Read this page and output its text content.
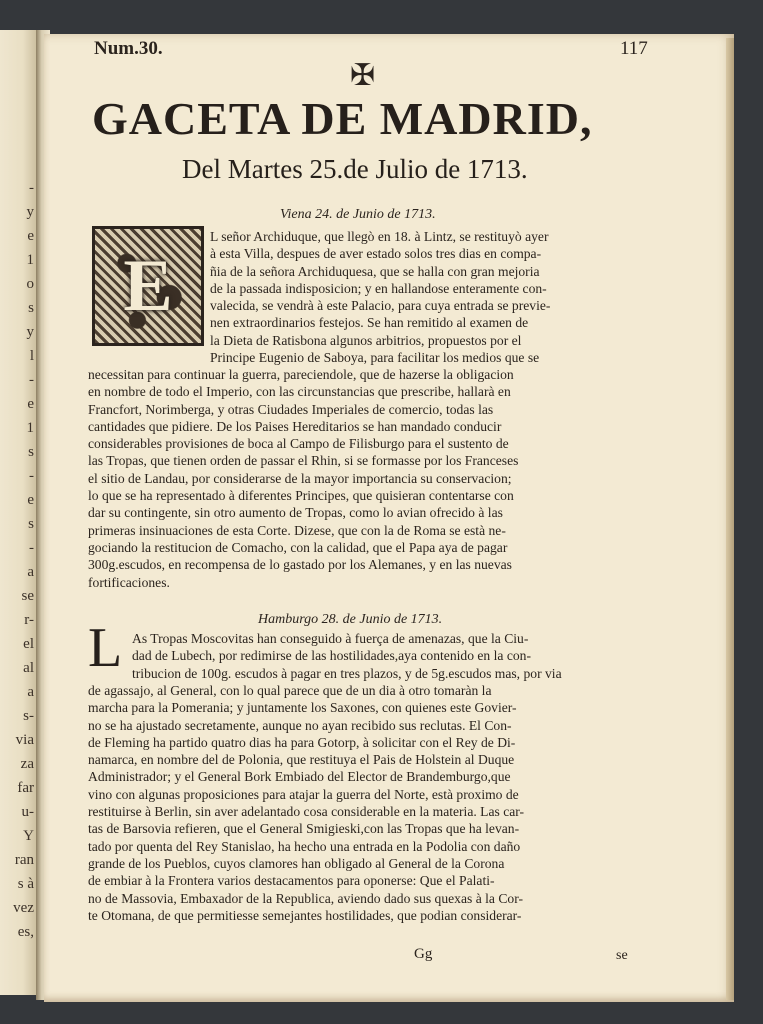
-
y
e
1
o
s
y
l
-
e
1
s
-
e
s
-
a
se
r-
el
al
a
s-
via
za
far
u-
Y
ran
s à
vez
es,
Num.30.	117
✠
GACETA DE MADRID,
Del Martes 25.de Julio de 1713.
Viena 24. de Junio de 1713.
E
L señor Archiduque, que llegò en 18. à Lintz, se restituyò ayer
à esta Villa, despues de aver estado solos tres dias en compa-
ñia de la señora Archiduquesa, que se halla con gran mejoria
de la passada indisposicion; y en hallandose enteramente con-
valecida, se vendrà à este Palacio, para cuya entrada se previe-
nen extraordinarios festejos. Se han remitido al examen de
la Dieta de Ratisbona algunos arbitrios, propuestos por el
Principe Eugenio de Saboya, para facilitar los medios que se
necessitan para continuar la guerra, pareciendole, que de hazerse la obligacion
en nombre de todo el Imperio, con las circunstancias que prescribe, hallarà en
Francfort, Norimberga, y otras Ciudades Imperiales de comercio, todas las
cantidades que pidiere. De los Paises Hereditarios se han mandado conducir
considerables provisiones de boca al Campo de Filisburgo para el sustento de
las Tropas, que tienen orden de passar el Rhin, si se formasse por los Franceses
el sitio de Landau, por considerarse de la mayor importancia su conservacion;
lo que se ha representado à diferentes Principes, que quisieran contentarse con
dar su contingente, sin otro aumento de Tropas, como lo avian ofrecido à las
primeras insinuaciones de esta Corte. Dizese, que con la de Roma se està ne-
gociando la restitucion de Comacho, con la calidad, que el Papa aya de pagar
300g.escudos, en recompensa de lo gastado por los Alemanes, y en las nuevas
fortificaciones.
Hamburgo 28. de Junio de 1713.
L As Tropas Moscovitas han conseguido à fuerça de amenazas, que la Ciu-
dad de Lubech, por redimirse de las hostilidades,aya contenido en la con-
tribucion de 100g. escudos à pagar en tres plazos, y de 5g.escudos mas, por via
de agassajo, al General, con lo qual parece que de un dia à otro tomaràn la
marcha para la Pomerania; y juntamente los Saxones, con quienes este Govier-
no se ha ajustado secretamente, aunque no ayan recibido sus reclutas. El Con-
de Fleming ha partido quatro dias ha para Gotorp, à solicitar con el Rey de Di-
namarca, en nombre del de Polonia, que restituya el Pais de Holstein al Duque
Administrador; y el General Bork Embiado del Elector de Brandemburgo,que
vino con algunas proposiciones para atajar la guerra del Norte, està proximo de
restituirse à Berlin, sin aver adelantado cosa considerable en la materia. Las car-
tas de Barsovia refieren, que el General Smigieski,con las Tropas que ha levan-
tado por quenta del Rey Stanislao, ha hecho una entrada en la Podolia con daño
grande de los Pueblos, cuyos clamores han obligado al General de la Corona
de embiar à la Frontera varios destacamentos para oponerse: Que el Palati-
no de Massovia, Embaxador de la Republica, aviendo dado sus quexas à la Cor-
te Otomana, de que permitiesse semejantes hostilidades, que podian considerar-
Gg	se
